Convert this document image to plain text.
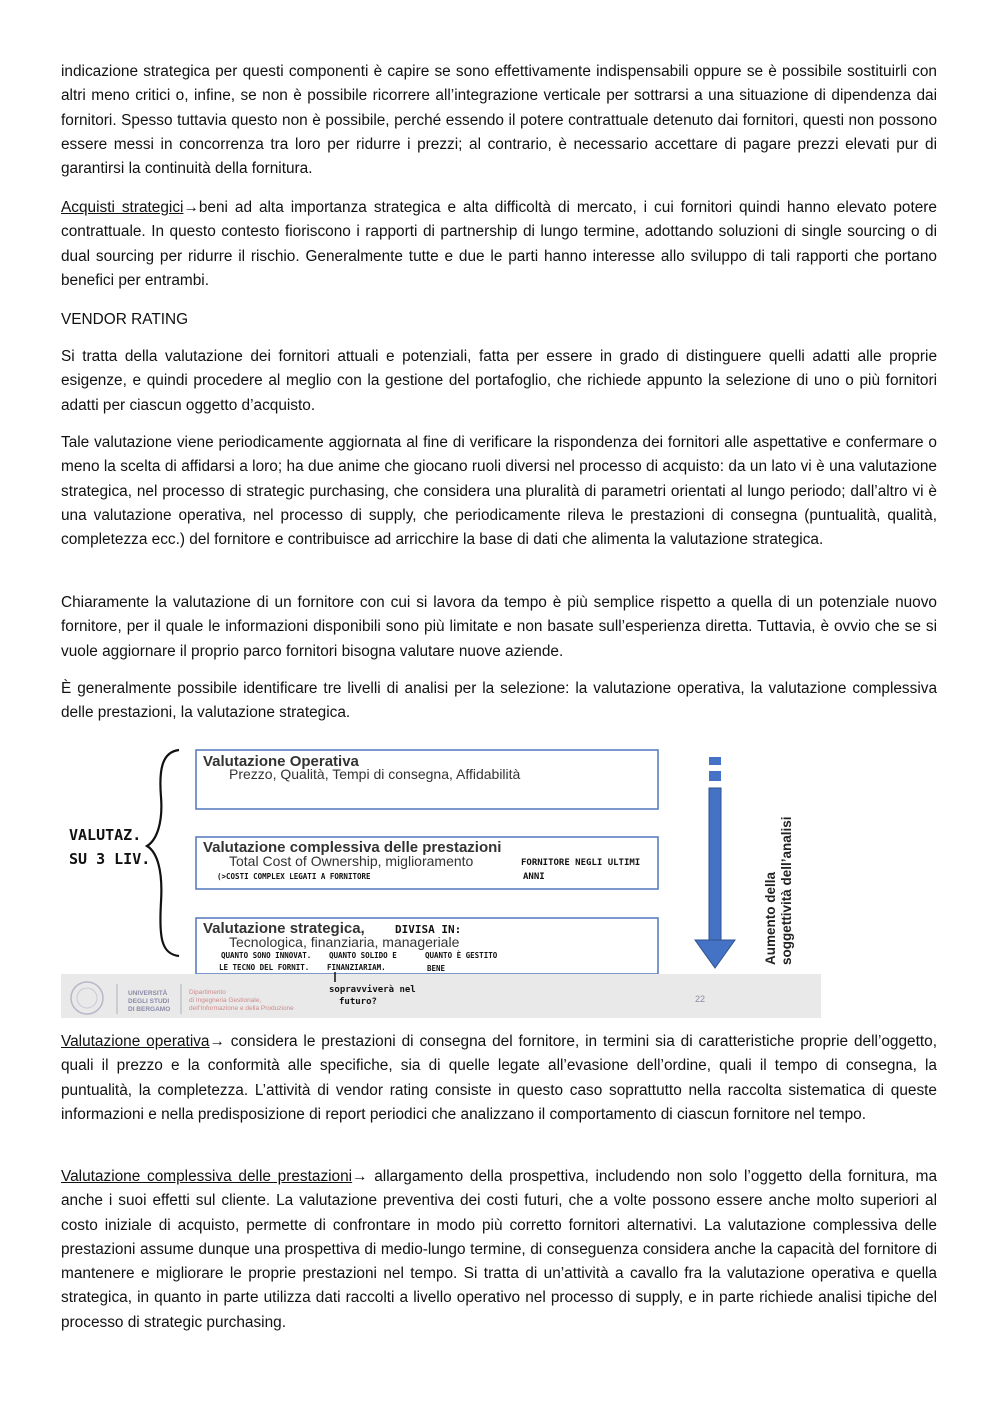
indicazione strategica per questi componenti è capire se sono effettivamente indispensabili oppure se è possibile sostituirli con altri meno critici o, infine, se non è possibile ricorrere all’integrazione verticale per sottrarsi a una situazione di dipendenza dai fornitori. Spesso tuttavia questo non è possibile, perché essendo il potere contrattuale detenuto dai fornitori, questi non possono essere messi in concorrenza tra loro per ridurre i prezzi; al contrario, è necessario accettare di pagare prezzi elevati pur di garantirsi la continuità della fornitura.

Acquisti strategici→beni ad alta importanza strategica e alta difficoltà di mercato, i cui fornitori quindi hanno elevato potere contrattuale. In questo contesto fioriscono i rapporti di partnership di lungo termine, adottando soluzioni di single sourcing o di dual sourcing per ridurre il rischio. Generalmente tutte e due le parti hanno interesse allo sviluppo di tali rapporti che portano benefici per entrambi.

VENDOR RATING

Si tratta della valutazione dei fornitori attuali e potenziali, fatta per essere in grado di distinguere quelli adatti alle proprie esigenze, e quindi procedere al meglio con la gestione del portafoglio, che richiede appunto la selezione di uno o più fornitori adatti per ciascun oggetto d’acquisto.

Tale valutazione viene periodicamente aggiornata al fine di verificare la rispondenza dei fornitori alle aspettative e confermare o meno la scelta di affidarsi a loro; ha due anime che giocano ruoli diversi nel processo di acquisto: da un lato vi è una valutazione strategica, nel processo di strategic purchasing, che considera una pluralità di parametri orientati al lungo periodo; dall’altro vi è una valutazione operativa, nel processo di supply, che periodicamente rileva le prestazioni di consegna (puntualità, qualità, completezza ecc.) del fornitore e contribuisce ad arricchire la base di dati che alimenta la valutazione strategica.

Chiaramente la valutazione di un fornitore con cui si lavora da tempo è più semplice rispetto a quella di un potenziale nuovo fornitore, per il quale le informazioni disponibili sono più limitate e non basate sull’esperienza diretta. Tuttavia, è ovvio che se si vuole aggiornare il proprio parco fornitori bisogna valutare nuove aziende.

È generalmente possibile identificare tre livelli di analisi per la selezione: la valutazione operativa, la valutazione complessiva delle prestazioni, la valutazione strategica.

VALUTAZ.
SU 3 LIV.
Valutazione Operativa
Prezzo, Qualità, Tempi di consegna, Affidabilità
Valutazione complessiva delle prestazioni
Total Cost of Ownership, miglioramento	FORNITORE NEGLI ULTIMI
ANNI
(>COSTI COMPLEX LEGATI A FORNITORE
Valutazione strategica,	DIVISA IN:
Tecnologica, finanziaria, manageriale
QUANTO SONO INNOVAT.
LE TECNO DEL FORNIT.
QUANTO SOLIDO E
FINANZIARIAM.
QUANTO È GESTITO
BENE
Aumento della soggettività dell’analisi
UNIVERSITÀ
DEGLI STUDI
DI BERGAMO
Dipartimento
di Ingegneria Gestionale,
dell’Informazione e della Produzione
22
sopravviverà nel
futuro?

Valutazione operativa→ considera le prestazioni di consegna del fornitore, in termini sia di caratteristiche proprie dell’oggetto, quali il prezzo e la conformità alle specifiche, sia di quelle legate all’evasione dell’ordine, quali il tempo di consegna, la puntualità, la completezza. L’attività di vendor rating consiste in questo caso soprattutto nella raccolta sistematica di queste informazioni e nella predisposizione di report periodici che analizzano il comportamento di ciascun fornitore nel tempo.

Valutazione complessiva delle prestazioni→ allargamento della prospettiva, includendo non solo l’oggetto della fornitura, ma anche i suoi effetti sul cliente. La valutazione preventiva dei costi futuri, che a volte possono essere anche molto superiori al costo iniziale di acquisto, permette di confrontare in modo più corretto fornitori alternativi. La valutazione complessiva delle prestazioni assume dunque una prospettiva di medio-lungo termine, di conseguenza considera anche la capacità del fornitore di mantenere e migliorare le proprie prestazioni nel tempo. Si tratta di un’attività a cavallo fra la valutazione operativa e quella strategica, in quanto in parte utilizza dati raccolti a livello operativo nel processo di supply, e in parte richiede analisi tipiche del processo di strategic purchasing.
